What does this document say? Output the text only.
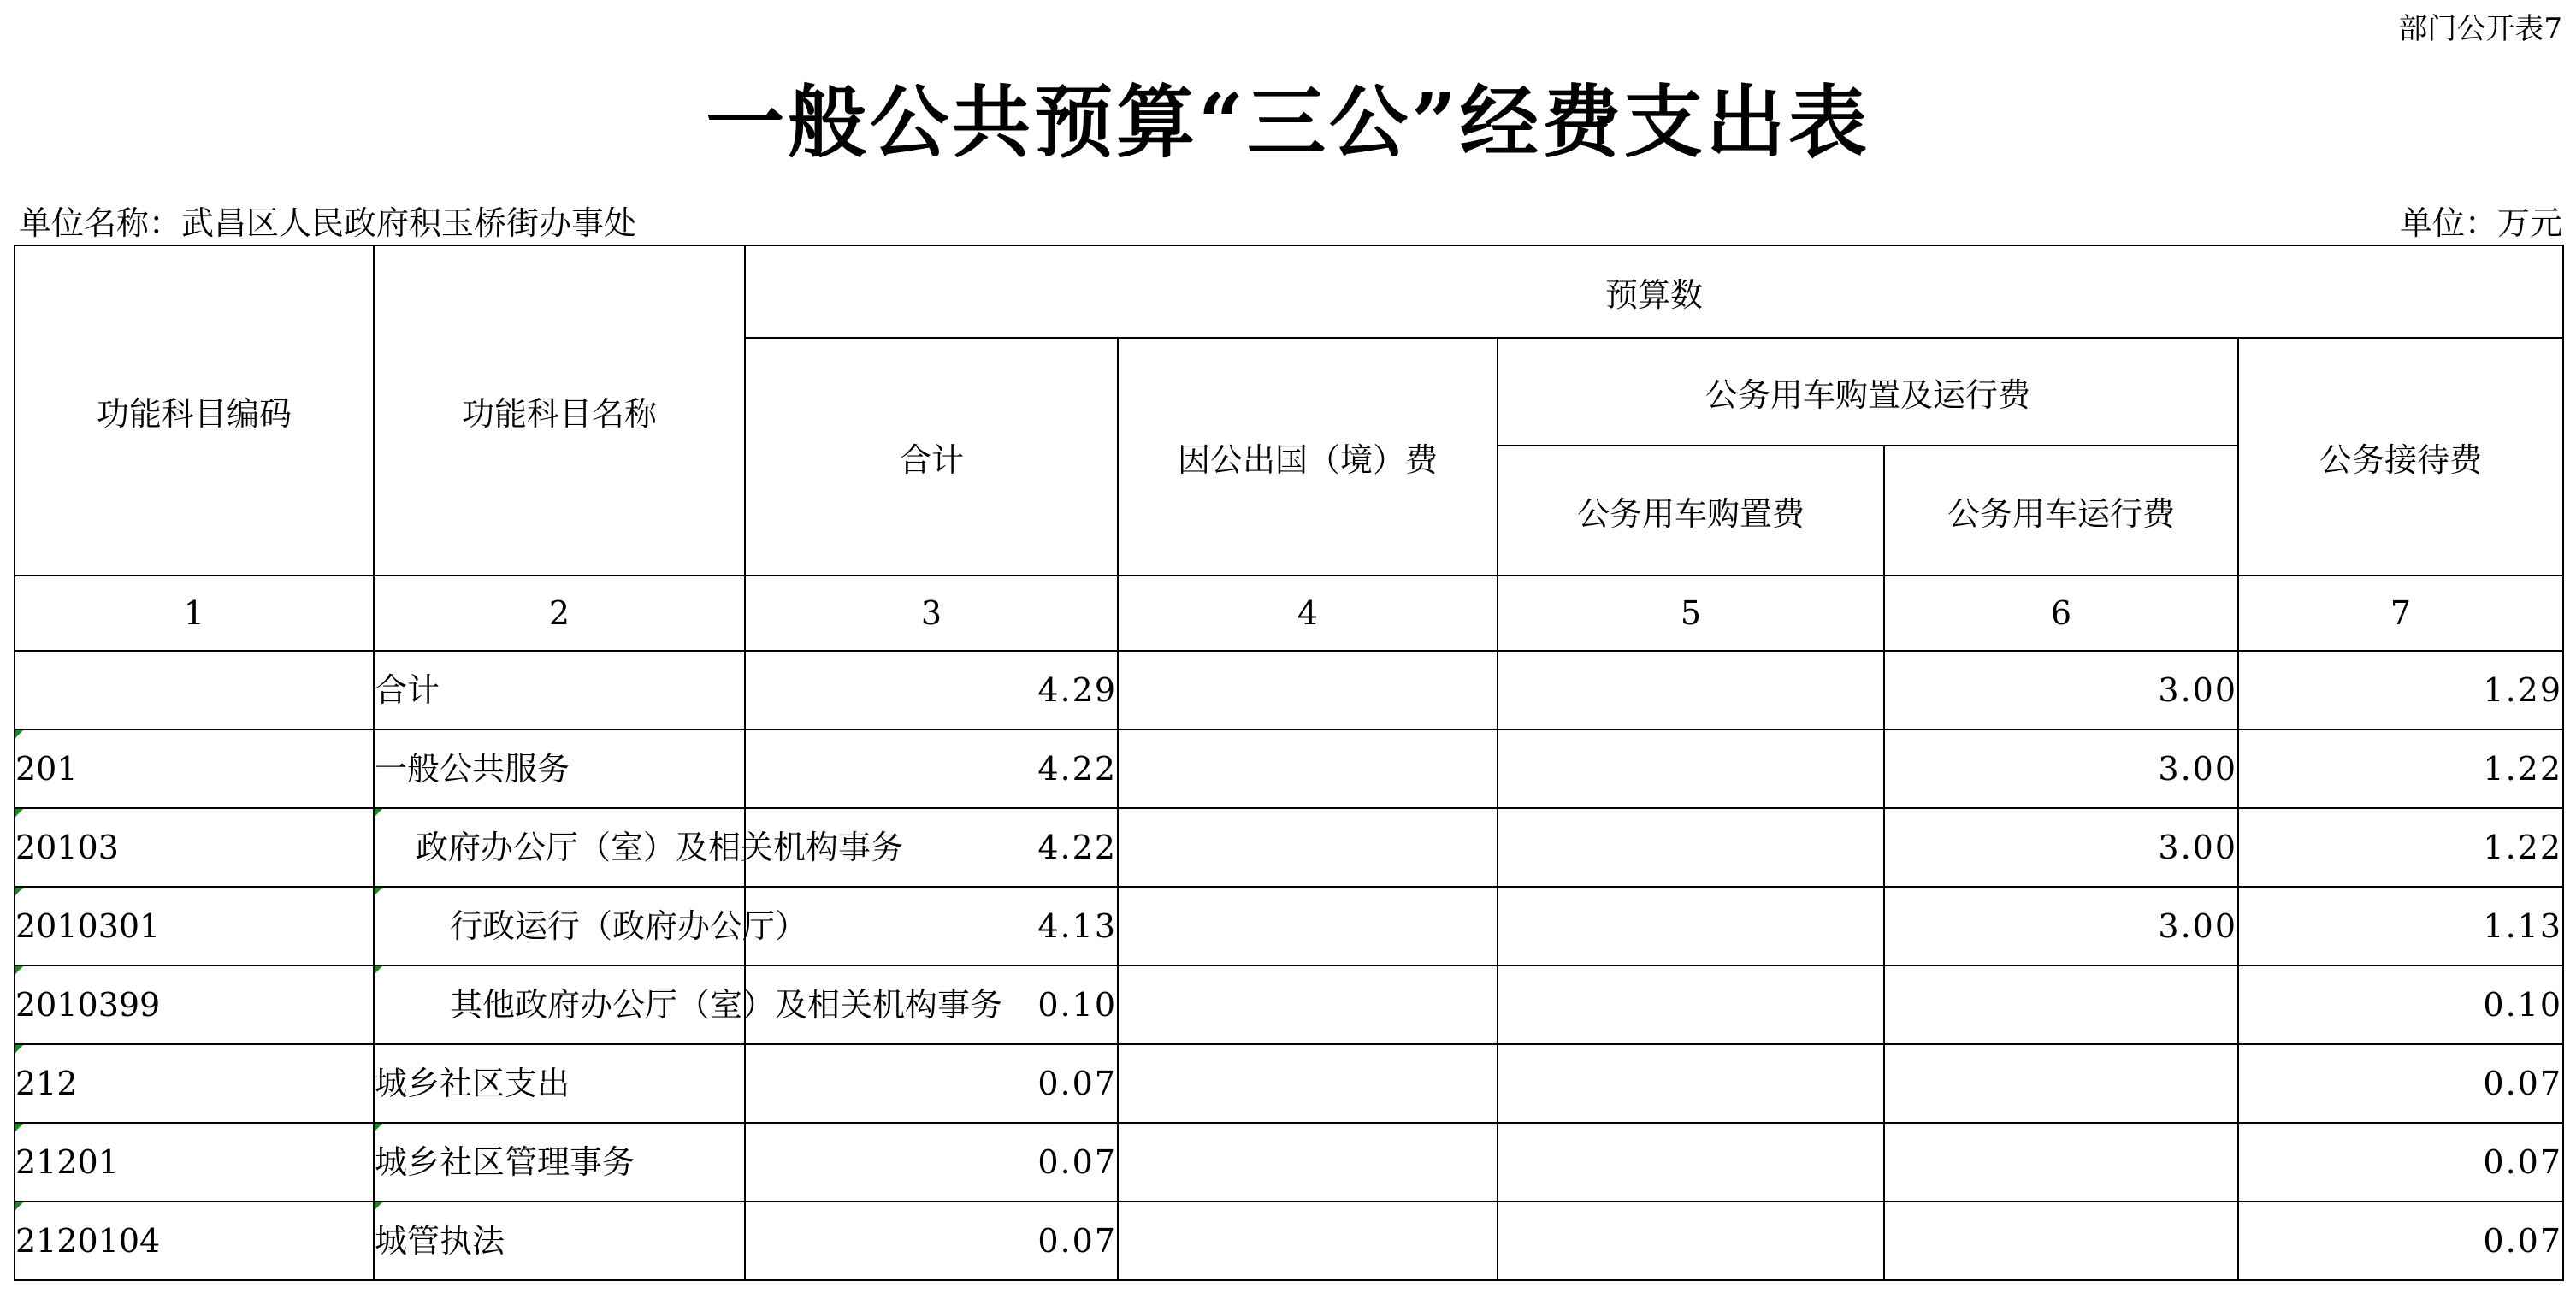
部门公开表7
一般公共预算“三公”经费支出表
单位名称：武昌区人民政府积玉桥街办事处	单位：万元
功能科目编码	功能科目名称	预算数				
		合计	因公出国（境）费	公务用车购置及运行费		公务接待费
				公务用车购置费	公务用车运行费	
1	2	3	4	5	6	7

	合计	4.29			3.00	1.29

201	一般公共服务	4.22			3.00	1.22

20103	政府办公厅（室）及相关机构事务	4.22			3.00	1.22

2010301	行政运行（政府办公厅）	4.13			3.00	1.13

2010399	其他政府办公厅（室）及相关机构事务	0.10				0.10

212	城乡社区支出	0.07				0.07

21201	城乡社区管理事务	0.07				0.07

2120104	城管执法	0.07				0.07
